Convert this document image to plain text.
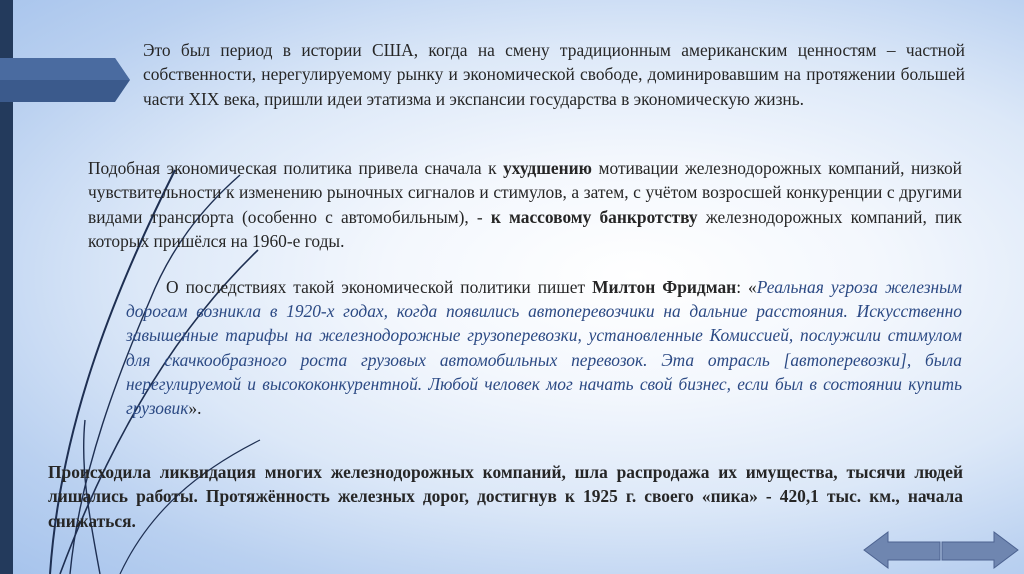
Это был период в истории США, когда на смену традиционным американским ценностям – частной собственности, нерегулируемому рынку и экономической свободе, доминировавшим на протяжении большей части XIX века, пришли идеи этатизма и экспансии государства в экономическую жизнь.

Подобная экономическая политика привела сначала к ухудшению мотивации железнодорожных компаний, низкой чувствительности к изменению рыночных сигналов и стимулов, а затем, с учётом возросшей конкуренции с другими видами транспорта (особенно с автомобильным), - к массовому банкротству железнодорожных компаний, пик которых пришёлся на 1960-е годы.

О последствиях такой экономической политики пишет Милтон Фридман: «Реальная угроза железным дорогам возникла в 1920-х годах, когда появились автоперевозчики на дальние расстояния. Искусственно завышенные тарифы на железнодорожные грузоперевозки, установленные Комиссией, послужили стимулом для скачкообразного роста грузовых автомобильных перевозок. Эта отрасль [автоперевозки], была нерегулируемой и высококонкурентной. Любой человек мог начать свой бизнес, если был в состоянии купить грузовик».

Происходила ликвидация многих железнодорожных компаний, шла распродажа их имущества, тысячи людей лишались работы. Протяжённость железных дорог, достигнув к 1925 г. своего «пика» - 420,1 тыс. км., начала снижаться.
